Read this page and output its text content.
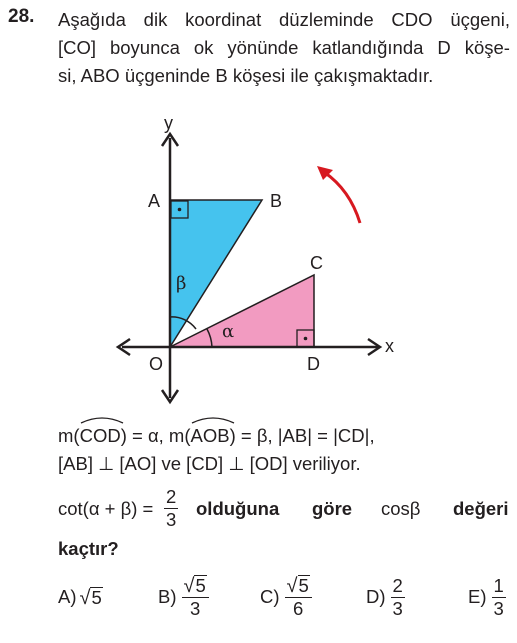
28. Aşağıda dik koordinat düzleminde CDO üçgeni,
[CO] boyunca ok yönünde katlandığında D köşe-
si, ABO üçgeninde B köşesi ile çakışmaktadır.
A	B
C
D
O
x
y
β
α
m(
COD) = α, m(
AOB) = β, |AB| = |CD|,
[AB] ⊥ [AO] ve [CD] ⊥ [OD] veriliyor.
$\cot(\alpha + \beta) = \frac{2}{3}$ olduğuna göre cosβ değeri
kaçtır?
A) √ 5	$B) \frac{√ 5}{3}$	$C) \frac{√ 5}{6}$	$D) \frac{2}{3}$	$E) \frac{1}{3}$
